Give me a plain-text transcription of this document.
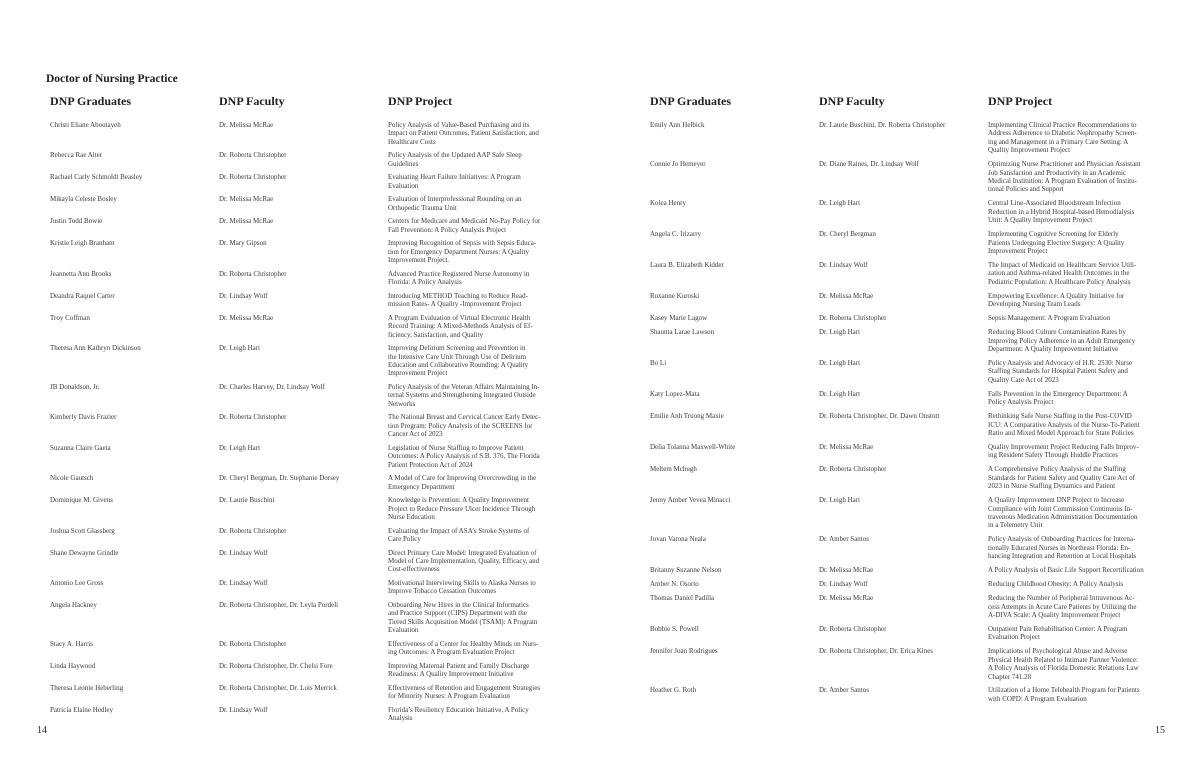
Doctor of Nursing Practice
DNP Graduates	DNP Faculty	DNP Project
Christi Eliane Aboutayeh	Dr. Melissa McRae	Policy Analysis of Value-Based Purchasing and its
Impact on Patient Outcomes, Patient Satisfaction, and
Healthcare Costs
Rebecca Rae Alter	Dr. Roberta Christopher	Policy Analysis of the Updated AAP Safe Sleep
Guidelines
Rachael Carly Schmoldt Beasley	Dr. Roberta Christopher	Evaluating Heart Failure Initiatives: A Program
Evaluation
Mikayla Celeste Bosley	Dr. Melissa McRae	Evaluation of Interprofessional Rounding on an
Orthopedic Trauma Unit
Justin Todd Bowie	Dr. Melissa McRae	Centers for Medicare and Medicaid No-Pay Policy for
Fall Prevention: A Policy Analysis Project
Kristie Leigh Branham	Dr. Mary Gipson	Improving Recognition of Sepsis with Sepsis Educa-
tion for Emergency Department Nurses: A Quality
Improvement Project.
Jeannetta Ann Brooks	Dr. Roberta Christopher	Advanced Practice Registered Nurse Autonomy in
Florida: A Policy Analysis
Deandra Raquel Carter	Dr. Lindsay Wolf	Introducing METHOD Teaching to Reduce Read-
mission Rates- A Quality -Improvement Project
Troy Coffman	Dr. Melissa McRae	A Program Evaluation of Virtual Electronic Health
Record Training: A Mixed-Methods Analysis of Ef-
ficiency, Satisfaction, and Quality
Theresa Ann Kathryn Dickinson	Dr. Leigh Hart	Improving Delirium Screening and Prevention in
the Intensive Care Unit Through Use of Delirium
Education and Collaborative Rounding: A Quality
Improvement Project
JB Donaldson, Jr.	Dr. Charles Harvey, Dr. Lindsay Wolf	Policy Analysis of the Veteran Affairs Maintaining In-
ternal Systems and Strengthening Integrated Outside
Networks
Kimberly Davis Frazier	Dr. Roberta Christopher	The National Breast and Cervical Cancer Early Detec-
tion Program: Policy Analysis of the SCREENS for
Cancer Act of 2023
Suzanna Claire Gaeta	Dr. Leigh Hart	Legislation of Nurse Staffing to Improve Patient
Outcomes: A Policy Analysis of S.B. 376, The Florida
Patient Protection Act of 2024
Nicole Gautsch	Dr. Cheryl Bergman, Dr. Stephanie Dorsey	A Model of Care for Improving Overcrowding in the
Emergency Department
Dominique M. Givens	Dr. Laurie Buschini	Knowledge is Prevention: A Quality Improvement
Project to Reduce Pressure Ulcer Incidence Through
Nurse Education
Joshua Scott Glassberg	Dr. Roberta Christopher	Evaluating the Impact of ASA’s Stroke Systems of
Care Policy
Shane Dewayne Grindle	Dr. Lindsay Wolf	Direct Primary Care Model: Integrated Evaluation of
Model of Care Implementation, Quality, Efficacy, and
Cost-effectiveness
Antonio Lee Gross	Dr. Lindsay Wolf	Motivational Interviewing Skills to Alaska Nurses to
Improve Tobacco Cessation Outcomes
Angela Hackney	Dr. Roberta Christopher, Dr. Leyla Pordeli	Onboarding New Hires in the Clinical Informatics
and Practice Support (CIPS) Department with the
Tiered Skills Acquisition Model (TSAM): A Program
Evaluation
Stacy A. Harris	Dr. Roberta Christopher	Effectiveness of a Center for Healthy Minds on Nurs-
ing Outcomes: A Program Evaluation Project
Linda Haywood	Dr. Roberta Christopher, Dr. Chelsi Fore	Improving Maternal Patient and Family Discharge
Readiness: A Quality Improvement Initiative
Theresa Leonie Heberling	Dr. Roberta Christopher, Dr. Lois Merrick	Effectiveness of Retention and Engagement Strategies
for Minority Nurses: A Program Evaluation
Patricia Elaine Hedley	Dr. Lindsay Wolf	Florida’s Resiliency Education Initiative, A Policy
Analysis
14
DNP Graduates	DNP Faculty	DNP Project
Emily Ann Helbick	Dr. Laurie Buschini, Dr. Roberta Christopher	Implementing Clinical Practice Recommendations to
Address Adherence to Diabetic Nephropathy Screen-
ing and Management in a Primary Care Setting: A
Quality Improvement Project
Connie Jo Hemeyer	Dr. Diane Raines, Dr. Lindsay Wolf	Optimizing Nurse Practitioner and Physician Assistant
Job Satisfaction and Productivity in an Academic
Medical Institution: A Program Evaluation of Institu-
tional Policies and Support
Kolea Henry	Dr. Leigh Hart	Central Line-Associated Bloodstream Infection
Reduction in a Hybrid Hospital-based Hemodialysis
Unit: A Quality Improvement Project
Angela C. Irizarry	Dr. Cheryl Bergman	Implementing Cognitive Screening for Elderly
Patients Undergoing Elective Surgery: A Quality
Improvement Project
Laura B. Elizabeth Kidder	Dr. Lindsay Wolf	The Impact of Medicaid on Healthcare Service Utili-
zation and Asthma-related Health Outcomes in the
Pediatric Population: A Healthcare Policy Analysis
Roxanne Kuroski	Dr. Melissa McRae	Empowering Excellence: A Quality Initiative for
Developing Nursing Team Leads
Kasey Marie Lagow	Dr. Roberta Christopher	Sepsis Management: A Program Evaluation
Shaunta Larae Lawson	Dr. Leigh Hart	Reducing Blood Culture Contamination Rates by
Improving Policy Adherence in an Adult Emergency
Department: A Quality Improvement Initiative
Bo Li	Dr. Leigh Hart	Policy Analysis and Advocacy of H.R. 2530: Nurse
Staffing Standards for Hospital Patient Safety and
Quality Care Act of 2023
Katy Lopez-Mata	Dr. Leigh Hart	Falls Prevention in the Emergency Department: A
Policy Analysis Project
Emilie Anh Truong Maxie	Dr. Roberta Christopher, Dr. Dawn Onstott	Rethinking Safe Nurse Staffing in the Post-COVID
ICU: A Comparative Analysis of the Nurse-To-Patient
Ratio and Mixed Model Approach for State Policies
Delia Tolanna Maxwell-White	Dr. Melissa McRae	Quality Improvement Project Reducing Falls Improv-
ing Resident Safety Through Huddle Practices
Meltem Mchugh	Dr. Roberta Christopher	A Comprehensive Policy Analysis of the Staffing
Standards for Patient Safety and Quality Care Act of
2023 in Nurse Staffing Dynamics and Patient
Jenny Amber Vevea Minacci	Dr. Leigh Hart	A Quality Improvement DNP Project to Increase
Compliance with Joint Commission Continuous In-
travenous Medication Administration Documentation
in a Telemetry Unit
Jovan Varona Neala	Dr. Amber Santos	Policy Analysis of Onboarding Practices for Interna-
tionally Educated Nurses in Northeast Florida: En-
hancing Integration and Retention at Local Hospitals
Britanny Suzanne Nelson	Dr. Melissa McRae	A Policy Analysis of Basic Life Support Recertification
Amber N. Osorto	Dr. Lindsay Wolf	Reducing Childhood Obesity: A Policy Analysis
Thomas Daniel Padilla	Dr. Melissa McRae	Reducing the Number of Peripheral Intravenous Ac-
cess Attempts in Acute Care Patients by Utilizing the
A-DIVA Scale: A Quality Improvement Project
Bobbie S. Powell	Dr. Roberta Christopher	Outpatient Pain Rehabilitation Center: A Program
Evaluation Project
Jennifer Joan Rodrigues	Dr. Roberta Christopher, Dr. Erica Kines	Implications of Psychological Abuse and Adverse
Physical Health Related to Intimate Partner Violence:
A Policy Analysis of Florida Domestic Relations Law
Chapter 741.28
Heather G. Roth	Dr. Amber Santos	Utilization of a Home Telehealth Program for Patients
with COPD: A Program Evaluation
15
